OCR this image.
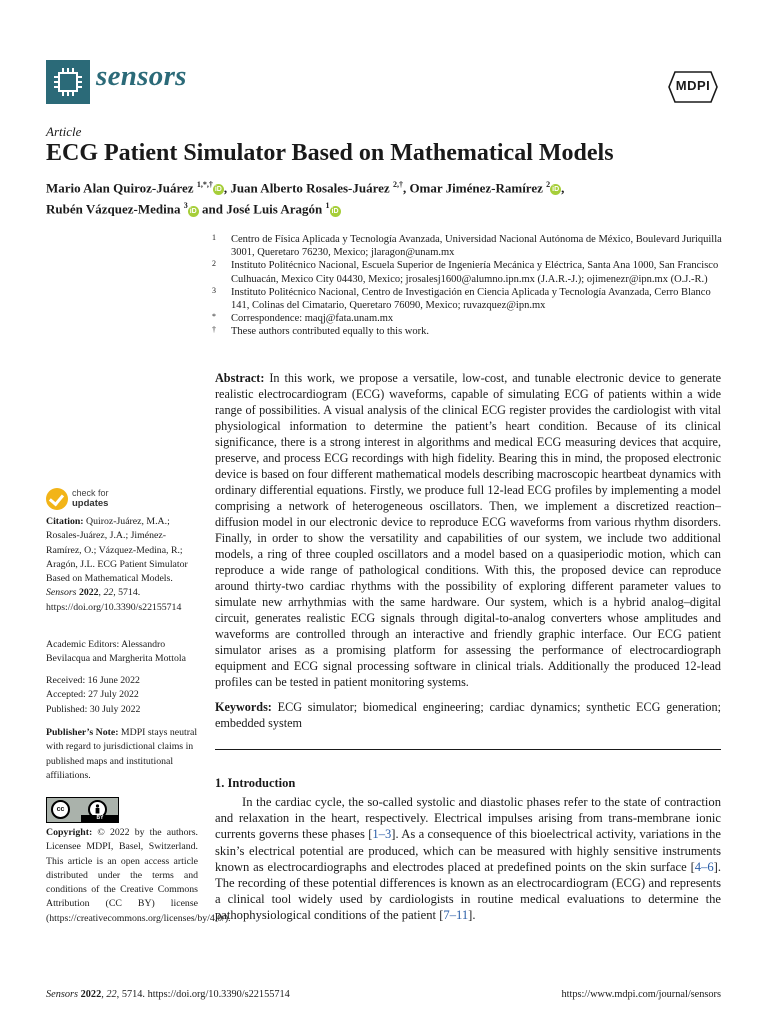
sensors	MDPI
Article
ECG Patient Simulator Based on Mathematical Models
Mario Alan Quiroz-Juárez $^{1,*,\dagger}$iD , Juan Alberto Rosales-Juárez $^{2,\dagger}$, Omar Jiménez-Ramírez $^2$iD ,
Rubén Vázquez-Medina $^3$iD and José Luis Aragón $^1$iD
1 Centro de Física Aplicada y Tecnología Avanzada, Universidad Nacional Autónoma de México, Boulevard Juriquilla 3001, Queretaro 76230, Mexico; jlaragon@unam.mx
2 Instituto Politécnico Nacional, Escuela Superior de Ingeniería Mecánica y Eléctrica, Santa Ana 1000, San Francisco Culhuacán, Mexico City 04430, Mexico; jrosalesj1600@alumno.ipn.mx (J.A.R.-J.); ojimenezr@ipn.mx (O.J.-R.)
3 Instituto Politécnico Nacional, Centro de Investigación en Ciencia Aplicada y Tecnología Avanzada, Cerro Blanco 141, Colinas del Cimatario, Queretaro 76090, Mexico; ruvazquez@ipn.mx
* Correspondence: maqj@fata.unam.mx
† These authors contributed equally to this work.

Abstract: In this work, we propose a versatile, low-cost, and tunable electronic device to generate realistic electrocardiogram (ECG) waveforms, capable of simulating ECG of patients within a wide range of possibilities. A visual analysis of the clinical ECG register provides the cardiologist with vital physiological information to determine the patient’s heart condition. Because of its clinical significance, there is a strong interest in algorithms and medical ECG measuring devices that acquire, preserve, and process ECG recordings with high fidelity. Bearing this in mind, the proposed electronic device is based on four different mathematical models describing macroscopic heartbeat dynamics with ordinary differential equations. Firstly, we produce full 12-lead ECG profiles by implementing a model comprising a network of heterogeneous oscillators. Then, we implement a discretized reaction–diffusion model in our electronic device to reproduce ECG waveforms from various rhythm disorders. Finally, in order to show the versatility and capabilities of our system, we include two additional models, a ring of three coupled oscillators and a model based on a quasiperiodic motion, which can reproduce a wide range of pathological conditions. With this, the proposed device can reproduce around thirty-two cardiac rhythms with the possibility of exploring different parameter values to simulate new arrhythmias with the same hardware. Our system, which is a hybrid analog–digital circuit, generates realistic ECG signals through digital-to-analog converters whose amplitudes and waveforms are controlled through an interactive and friendly graphic interface. Our ECG patient simulator arises as a promising platform for assessing the performance of electrocardiograph equipment and ECG signal processing software in clinical trials. Additionally the produced 12-lead profiles can be tested in patient monitoring systems.

Keywords: ECG simulator; biomedical engineering; cardiac dynamics; synthetic ECG generation; embedded system

1. Introduction

In the cardiac cycle, the so-called systolic and diastolic phases refer to the state of contraction and relaxation in the heart, respectively. Electrical impulses arising from trans-membrane ionic currents governs these phases [1–3]. As a consequence of this bioelectrical activity, variations in the skin’s electrical potential are produced, which can be measured with highly sensitive instruments known as electrocardiographs and electrodes placed at predefined points on the skin surface [4–6]. The recording of these potential differences is known as an electrocardiogram (ECG) and represents a clinical tool widely used by cardiologists in routine medical evaluations to determine the pathophysiological conditions of the patient [7–11].

check for
updates

Citation: Quiroz-Juárez, M.A.; Rosales-Juárez, J.A.; Jiménez-Ramírez, O.; Vázquez-Medina, R.; Aragón, J.L. ECG Patient Simulator Based on Mathematical Models. Sensors 2022, 22, 5714. https://doi.org/10.3390/s22155714

Academic Editors: Alessandro Bevilacqua and Margherita Mottola

Received: 16 June 2022
Accepted: 27 July 2022
Published: 30 July 2022

Publisher’s Note: MDPI stays neutral with regard to jurisdictional claims in published maps and institutional affiliations.

cc
BY

Copyright: © 2022 by the authors. Licensee MDPI, Basel, Switzerland. This article is an open access article distributed under the terms and conditions of the Creative Commons Attribution (CC BY) license (https://creativecommons.org/licenses/by/4.0/).

Sensors 2022, 22, 5714. https://doi.org/10.3390/s22155714	https://www.mdpi.com/journal/sensors
